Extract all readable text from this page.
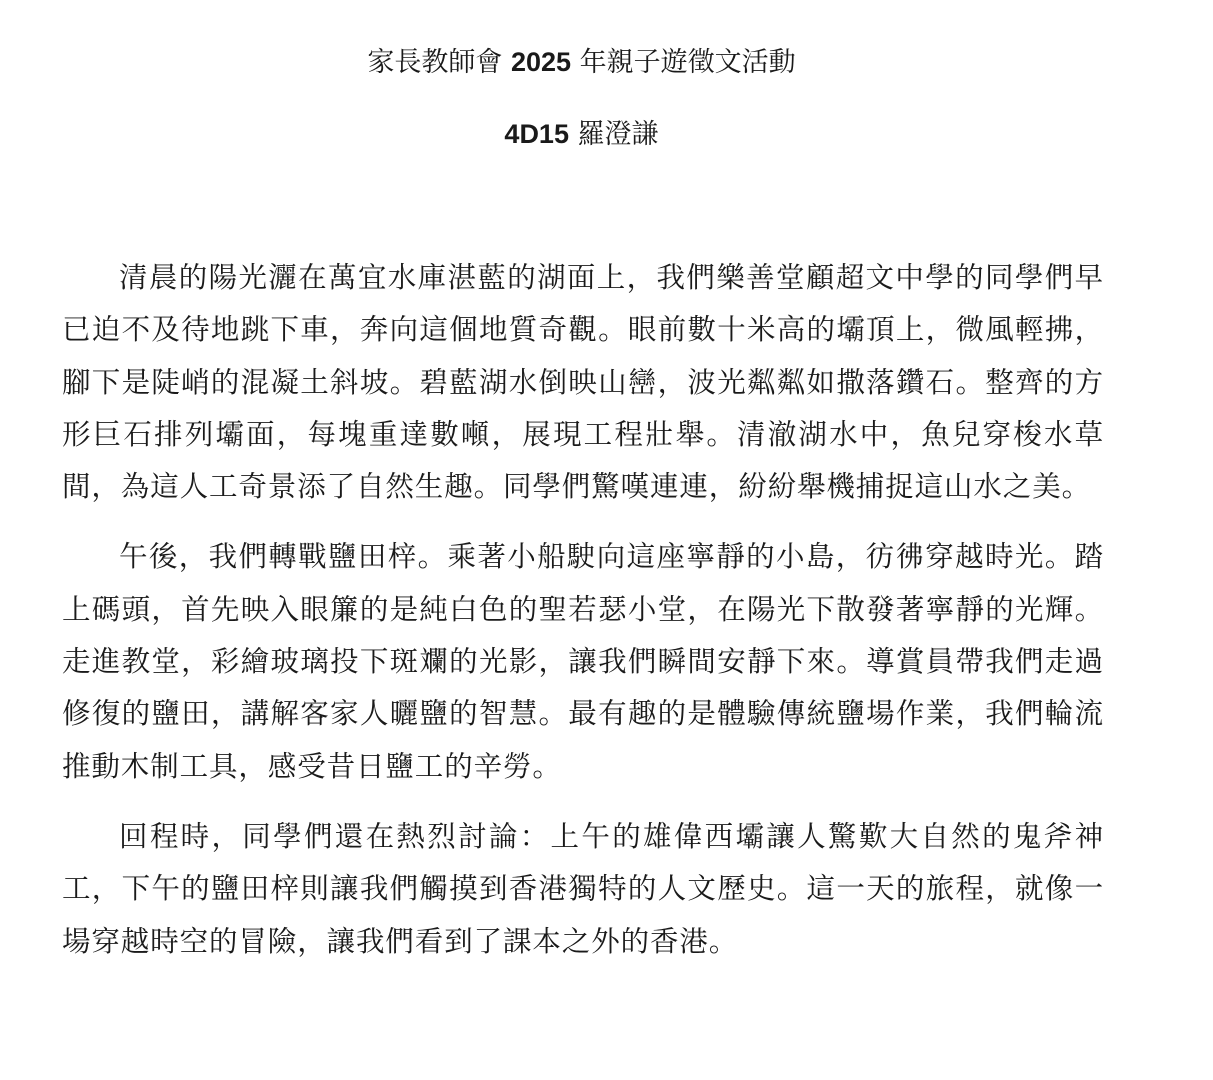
家長教師會 2025 年親子遊徵文活動
4D15 羅澄謙

清晨的陽光灑在萬宜水庫湛藍的湖面上，我們樂善堂顧超文中學的同學們早已迫不及待地跳下車，奔向這個地質奇觀。眼前數十米高的壩頂上，微風輕拂，腳下是陡峭的混凝土斜坡。碧藍湖水倒映山巒，波光粼粼如撒落鑽石。整齊的方形巨石排列壩面，每塊重達數噸，展現工程壯舉。清澈湖水中，魚兒穿梭水草間，為這人工奇景添了自然生趣。同學們驚嘆連連，紛紛舉機捕捉這山水之美。

午後，我們轉戰鹽田梓。乘著小船駛向這座寧靜的小島，彷彿穿越時光。踏上碼頭，首先映入眼簾的是純白色的聖若瑟小堂，在陽光下散發著寧靜的光輝。走進教堂，彩繪玻璃投下斑斕的光影，讓我們瞬間安靜下來。導賞員帶我們走過修復的鹽田，講解客家人曬鹽的智慧。最有趣的是體驗傳統鹽場作業，我們輪流推動木制工具，感受昔日鹽工的辛勞。

回程時，同學們還在熱烈討論：上午的雄偉西壩讓人驚歎大自然的鬼斧神工，下午的鹽田梓則讓我們觸摸到香港獨特的人文歷史。這一天的旅程，就像一場穿越時空的冒險，讓我們看到了課本之外的香港。
